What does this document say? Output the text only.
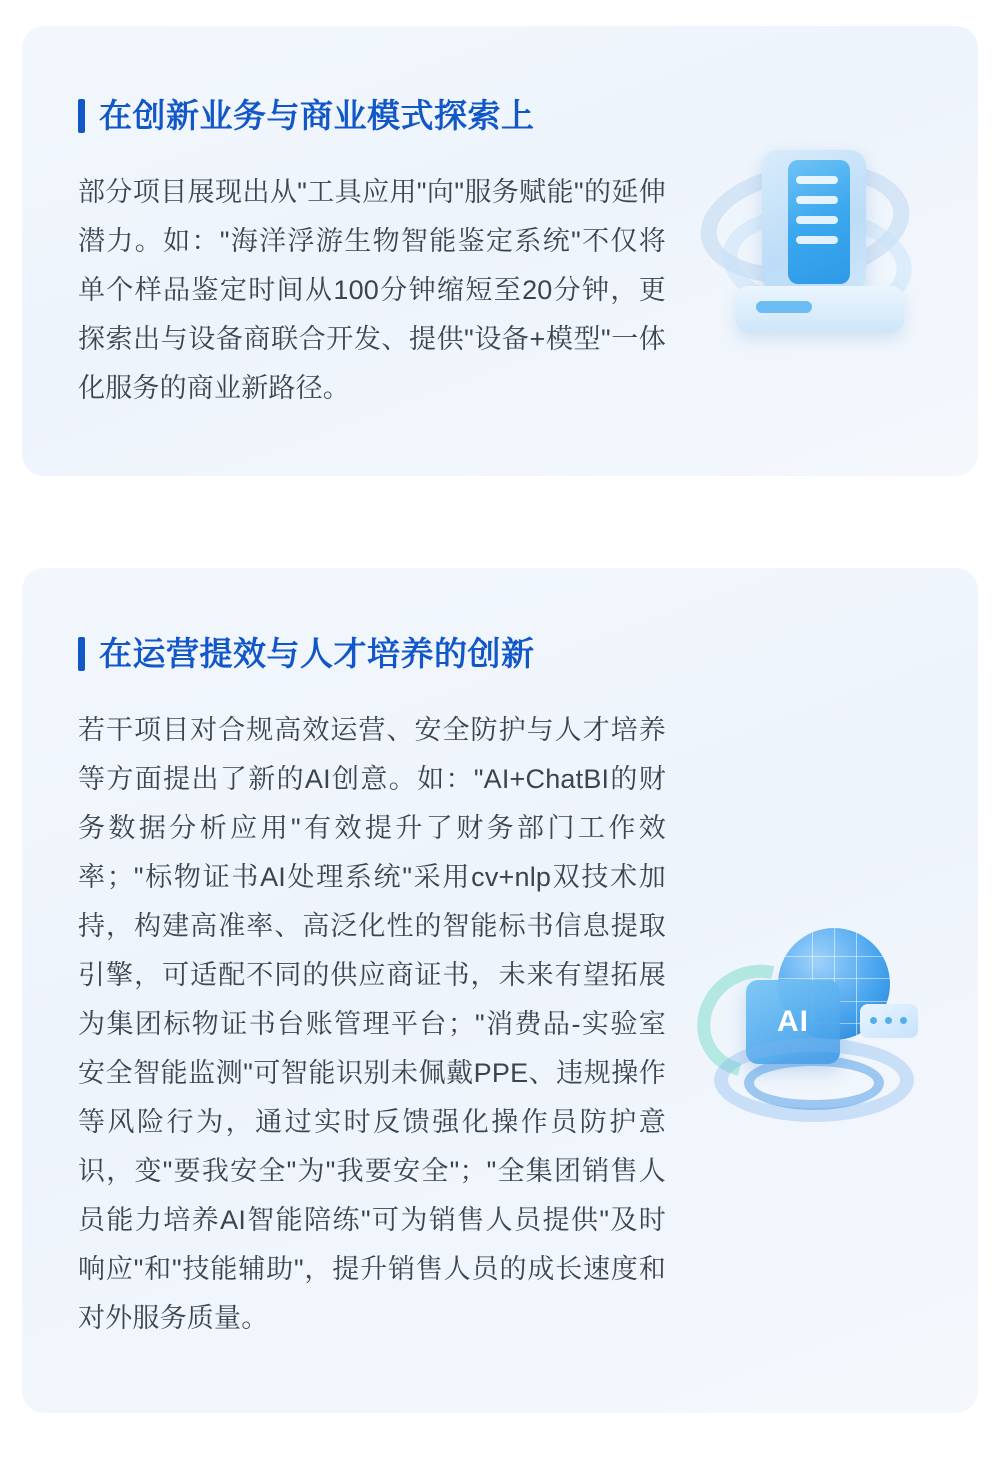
在创新业务与商业模式探索上
部分项目展现出从"工具应用"向"服务赋能"的延伸潜力。如："海洋浮游生物智能鉴定系统"不仅将单个样品鉴定时间从100分钟缩短至20分钟，更探索出与设备商联合开发、提供"设备+模型"一体化服务的商业新路径。
在运营提效与人才培养的创新
若干项目对合规高效运营、安全防护与人才培养等方面提出了新的AI创意。如："AI+ChatBI的财务数据分析应用"有效提升了财务部门工作效率；"标物证书AI处理系统"采用cv+nlp双技术加持，构建高准率、高泛化性的智能标书信息提取引擎，可适配不同的供应商证书，未来有望拓展为集团标物证书台账管理平台；"消费品-实验室安全智能监测"可智能识别未佩戴PPE、违规操作等风险行为，通过实时反馈强化操作员防护意识，变"要我安全"为"我要安全"；"全集团销售人员能力培养AI智能陪练"可为销售人员提供"及时响应"和"技能辅助"，提升销售人员的成长速度和对外服务质量。
AI
